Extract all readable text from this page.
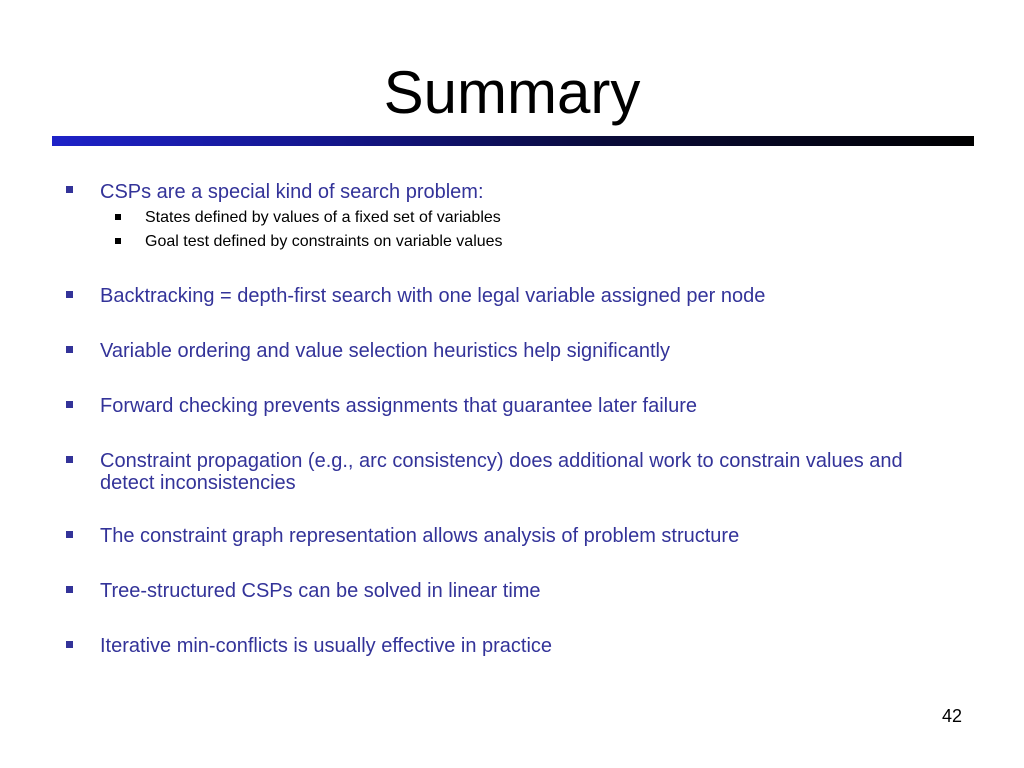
Summary
CSPs are a special kind of search problem:
States defined by values of a fixed set of variables
Goal test defined by constraints on variable values
Backtracking = depth-first search with one legal variable assigned per node
Variable ordering and value selection heuristics help significantly
Forward checking prevents assignments that guarantee later failure
Constraint propagation (e.g., arc consistency) does additional work to constrain values and detect inconsistencies
The constraint graph representation allows analysis of problem structure
Tree-structured CSPs can be solved in linear time
Iterative min-conflicts is usually effective in practice
42
